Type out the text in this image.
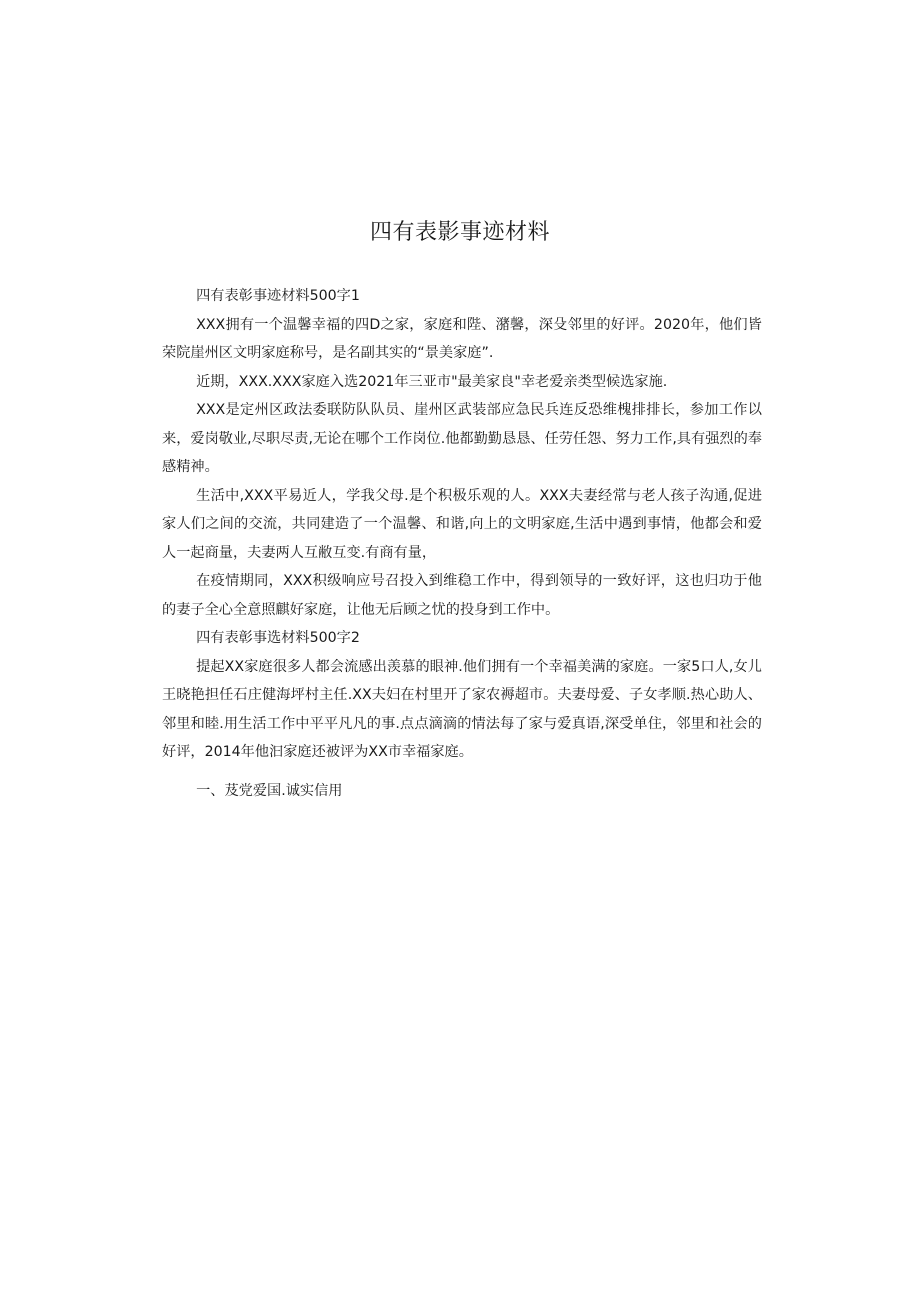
四有表影事迹材料

四有表彰事迹材料500字1

XXX拥有一个温馨幸福的四D之家，家庭和陛、潴馨，深殳邻里的好评。2020年，他们皆荣院崖州区文明家庭称号，是名副其实的“景美家庭”.

近期，XXX.XXX家庭入选2021年三亚市"最美家良"幸老爱亲类型候选家施.

XXX是定州区政法委联防队队员、崖州区武装部应急民兵连反恐维槐排排长，参加工作以来，爱岗敬业,尽职尽责,无论在哪个工作岗位.他都勤勤恳恳、任劳任怨、努力工作,具有强烈的奉感精神。

生活中,XXX平易近人，学我父母.是个积极乐观的人。XXX夫妻经常与老人孩子沟通,促进家人们之间的交流，共同建造了一个温馨、和谐,向上的文明家庭,生活中遇到事情，他都会和爱人一起商量，夫妻两人互敝互变.有商有量，

在疫情期同，XXX积级响应号召投入到维稳工作中，得到领导的一致好评，这也归功于他的妻子全心全意照麒好家庭，让他无后顾之忧的投身到工作中。

四有表彰事选材料500字2

提起XX家庭很多人都会流感出羡慕的眼神.他们拥有一个幸福美满的家庭。一家5口人,女儿王晓艳担任石庄健海坪村主任.XX夫妇在村里开了家农褥超市。夫妻母爱、子女孝顺.热心助人、邻里和睦.用生活工作中平平凡凡的事.点点滴滴的情法每了家与爱真语,深受单住，邻里和社会的好评，2014年他汩家庭还被评为XX市幸福家庭。

一、芨党爱国.诚实信用
